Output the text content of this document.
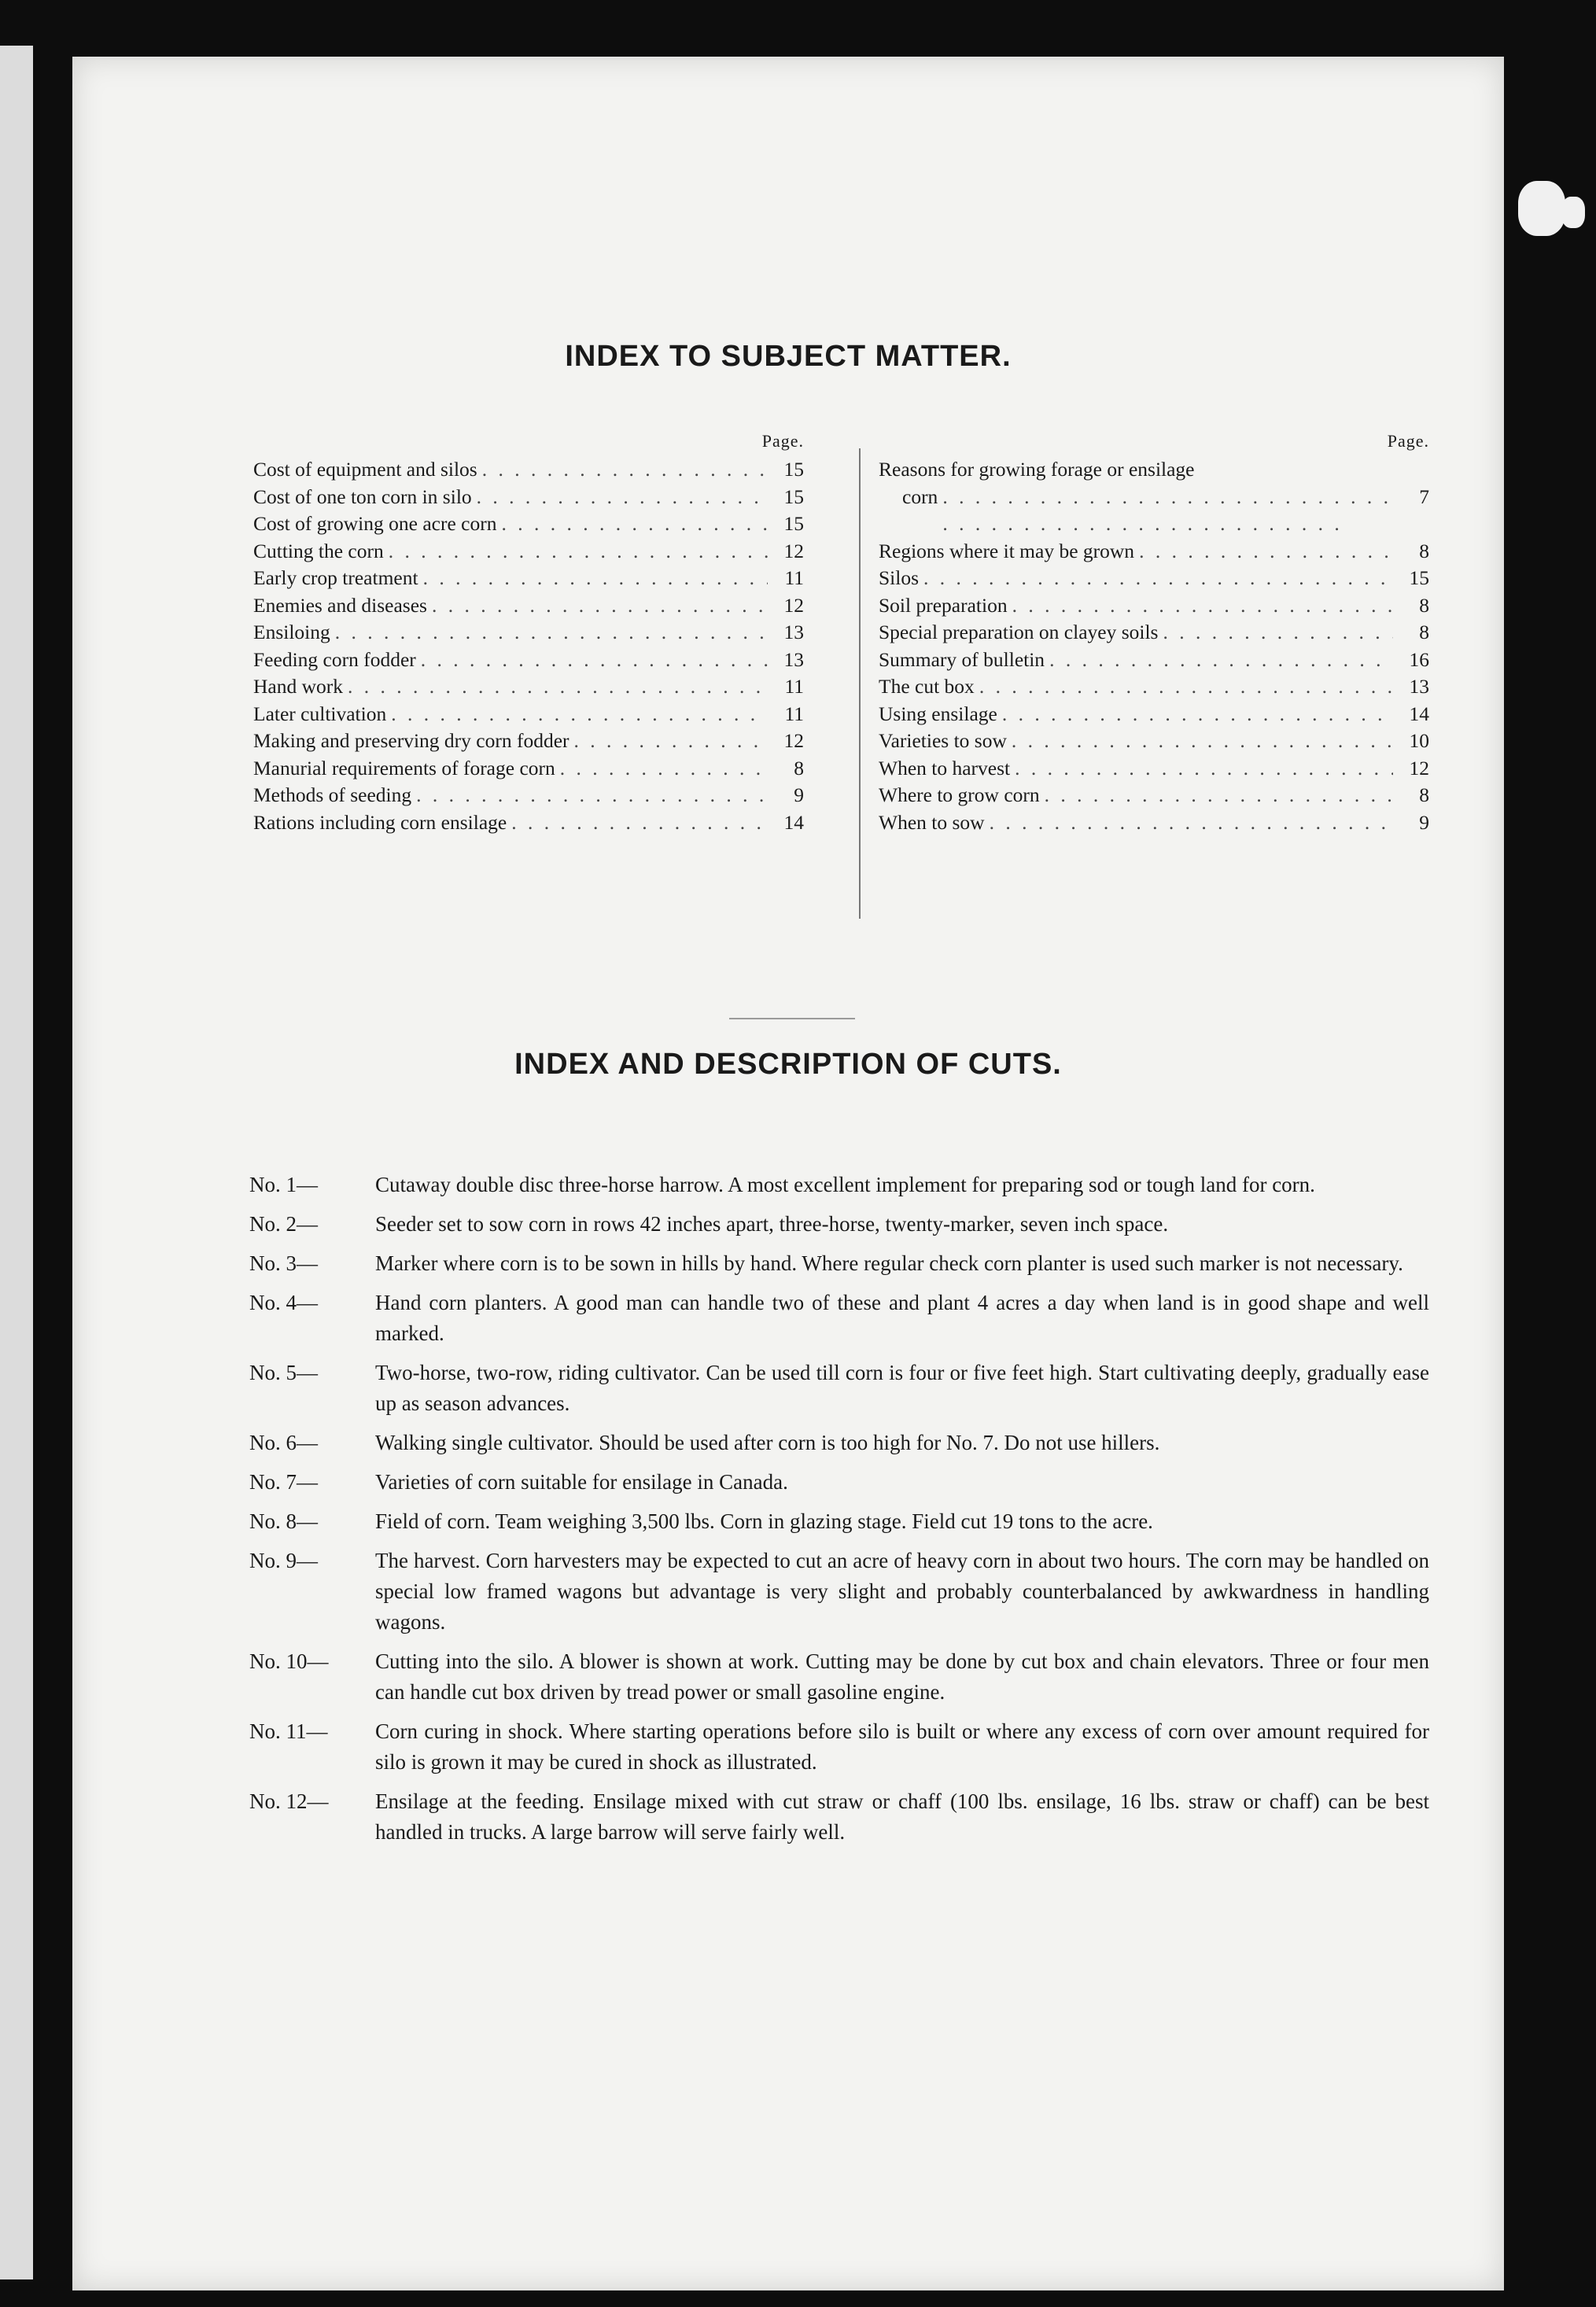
INDEX TO SUBJECT MATTER.
Page.
Cost of equipment and silos . . .	15
Cost of one ton corn in silo . . .	15
Cost of growing one acre corn . . .	15
Cutting the corn . . .	12
Early crop treatment . . .	11
Enemies and diseases . . .	12
Ensiloing . . .	13
Feeding corn fodder . . .	13
Hand work . . .	11
Later cultivation . . .	11
Making and preserving dry corn fodder . . .	12
Manurial requirements of forage corn . . .	8
Methods of seeding . . .	9
Rations including corn ensilage . . .	14
Page.
Reasons for growing forage or ensilage
corn . . .	7
Regions where it may be grown . . .	8
Silos . . .	15
Soil preparation . . .	8
Special preparation on clayey soils . . .	8
Summary of bulletin . . .	16
The cut box . . .	13
Using ensilage . . .	14
Varieties to sow . . .	10
When to harvest . . .	12
Where to grow corn . . .	8
When to sow . . .	9
INDEX AND DESCRIPTION OF CUTS.
No. 1—	Cutaway double disc three-horse harrow. A most excellent implement for preparing sod or tough land for corn.
No. 2—	Seeder set to sow corn in rows 42 inches apart, three-horse, twenty-marker, seven inch space.
No. 3—	Marker where corn is to be sown in hills by hand. Where regular check corn planter is used such marker is not necessary.
No. 4—	Hand corn planters. A good man can handle two of these and plant 4 acres a day when land is in good shape and well marked.
No. 5—	Two-horse, two-row, riding cultivator. Can be used till corn is four or five feet high. Start cultivating deeply, gradually ease up as season advances.
No. 6—	Walking single cultivator. Should be used after corn is too high for No. 7. Do not use hillers.
No. 7—	Varieties of corn suitable for ensilage in Canada.
No. 8—	Field of corn. Team weighing 3,500 lbs. Corn in glazing stage. Field cut 19 tons to the acre.
No. 9—	The harvest. Corn harvesters may be expected to cut an acre of heavy corn in about two hours. The corn may be handled on special low framed wagons but advantage is very slight and probably counterbalanced by awkwardness in handling wagons.
No. 10—	Cutting into the silo. A blower is shown at work. Cutting may be done by cut box and chain elevators. Three or four men can handle cut box driven by tread power or small gasoline engine.
No. 11—	Corn curing in shock. Where starting operations before silo is built or where any excess of corn over amount required for silo is grown it may be cured in shock as illustrated.
No. 12—	Ensilage at the feeding. Ensilage mixed with cut straw or chaff (100 lbs. ensilage, 16 lbs. straw or chaff) can be best handled in trucks. A large barrow will serve fairly well.
